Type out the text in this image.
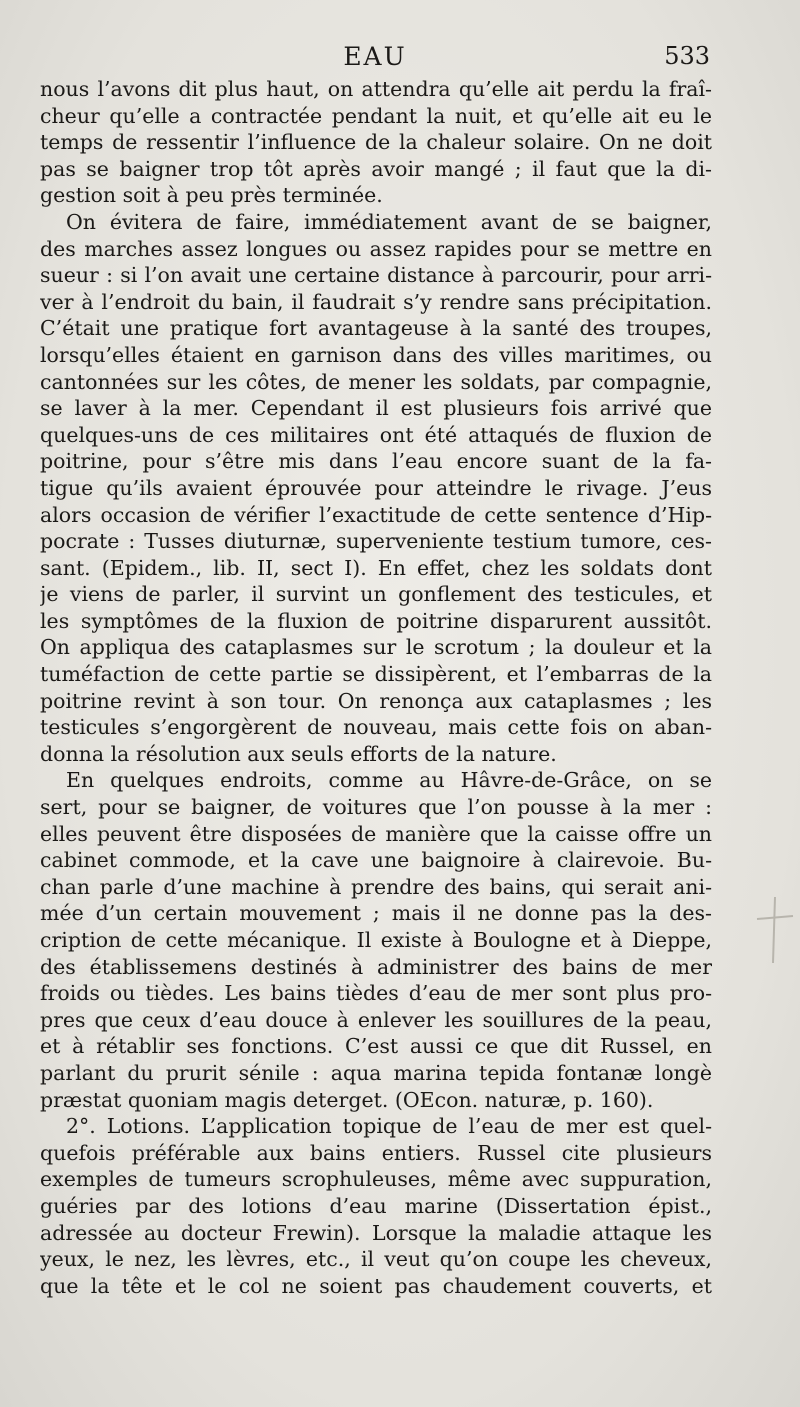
EAU	533
nous l’avons dit plus haut, on attendra qu’elle ait perdu la fraî-
cheur qu’elle a contractée pendant la nuit, et qu’elle ait eu le
temps de ressentir l’influence de la chaleur solaire. On ne doit
pas se baigner trop tôt après avoir mangé ; il faut que la di-
gestion soit à peu près terminée.
On évitera de faire, immédiatement avant de se baigner,
des marches assez longues ou assez rapides pour se mettre en
sueur : si l’on avait une certaine distance à parcourir, pour arri-
ver à l’endroit du bain, il faudrait s’y rendre sans précipitation.
C’était une pratique fort avantageuse à la santé des troupes,
lorsqu’elles étaient en garnison dans des villes maritimes, ou
cantonnées sur les côtes, de mener les soldats, par compagnie,
se laver à la mer. Cependant il est plusieurs fois arrivé que
quelques-uns de ces militaires ont été attaqués de fluxion de
poitrine, pour s’être mis dans l’eau encore suant de la fa-
tigue qu’ils avaient éprouvée pour atteindre le rivage. J’eus
alors occasion de vérifier l’exactitude de cette sentence d’Hip-
pocrate : Tusses diuturnæ, superveniente testium tumore, ces-
sant. (Epidem., lib. II, sect I). En effet, chez les soldats dont
je viens de parler, il survint un gonflement des testicules, et
les symptômes de la fluxion de poitrine disparurent aussitôt.
On appliqua des cataplasmes sur le scrotum ; la douleur et la
tuméfaction de cette partie se dissipèrent, et l’embarras de la
poitrine revint à son tour. On renonça aux cataplasmes ; les
testicules s’engorgèrent de nouveau, mais cette fois on aban-
donna la résolution aux seuls efforts de la nature.
En quelques endroits, comme au Hâvre-de-Grâce, on se
sert, pour se baigner, de voitures que l’on pousse à la mer :
elles peuvent être disposées de manière que la caisse offre un
cabinet commode, et la cave une baignoire à clairevoie. Bu-
chan parle d’une machine à prendre des bains, qui serait ani-
mée d’un certain mouvement ; mais il ne donne pas la des-
cription de cette mécanique. Il existe à Boulogne et à Dieppe,
des établissemens destinés à administrer des bains de mer
froids ou tièdes. Les bains tièdes d’eau de mer sont plus pro-
pres que ceux d’eau douce à enlever les souillures de la peau,
et à rétablir ses fonctions. C’est aussi ce que dit Russel, en
parlant du prurit sénile : aqua marina tepida fontanæ longè
præstat quoniam magis deterget. (OEcon. naturæ, p. 160).
2°. Lotions. L’application topique de l’eau de mer est quel-
quefois préférable aux bains entiers. Russel cite plusieurs
exemples de tumeurs scrophuleuses, même avec suppuration,
guéries par des lotions d’eau marine (Dissertation épist.,
adressée au docteur Frewin). Lorsque la maladie attaque les
yeux, le nez, les lèvres, etc., il veut qu’on coupe les cheveux,
que la tête et le col ne soient pas chaudement couverts, et
